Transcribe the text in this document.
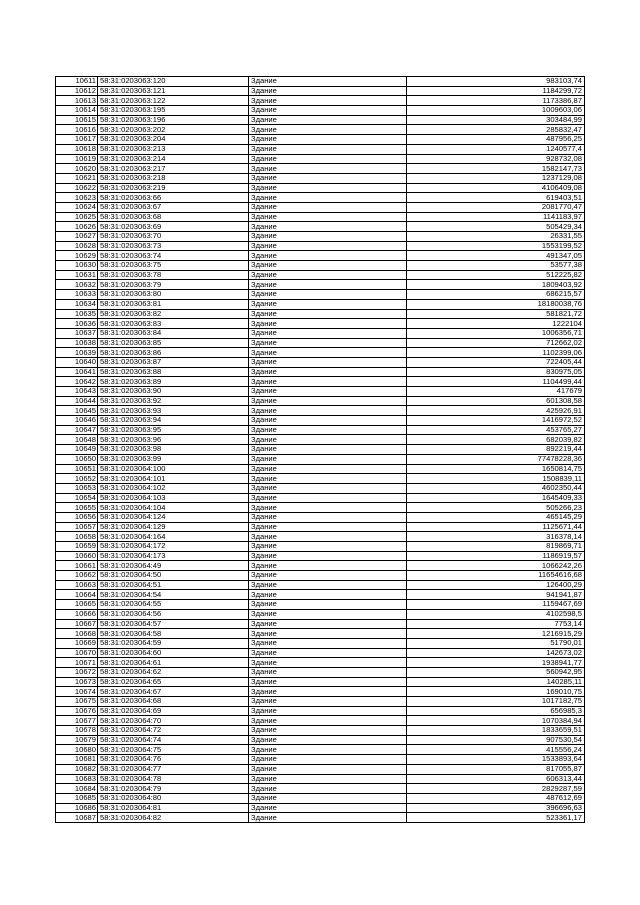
10611	58:31:0203063:120	Здание	983103,74
10612	58:31:0203063:121	Здание	1184299,72
10613	58:31:0203063:122	Здание	1173386,87
10614	58:31:0203063:195	Здание	1009603,06
10615	58:31:0203063:196	Здание	303484,99
10616	58:31:0203063:202	Здание	285832,47
10617	58:31:0203063:204	Здание	487956,25
10618	58:31:0203063:213	Здание	1240577,4
10619	58:31:0203063:214	Здание	928732,08
10620	58:31:0203063:217	Здание	1582147,73
10621	58:31:0203063:218	Здание	1237129,08
10622	58:31:0203063:219	Здание	4106409,08
10623	58:31:0203063:66	Здание	619403,51
10624	58:31:0203063:67	Здание	2081770,47
10625	58:31:0203063:68	Здание	1141183,97
10626	58:31:0203063:69	Здание	505429,34
10627	58:31:0203063:70	Здание	26331,55
10628	58:31:0203063:73	Здание	1553199,52
10629	58:31:0203063:74	Здание	491347,05
10630	58:31:0203063:75	Здание	53577,38
10631	58:31:0203063:78	Здание	512225,82
10632	58:31:0203063:79	Здание	1809403,92
10633	58:31:0203063:80	Здание	686215,57
10634	58:31:0203063:81	Здание	18180038,76
10635	58:31:0203063:82	Здание	581821,72
10636	58:31:0203063:83	Здание	1222104
10637	58:31:0203063:84	Здание	1006356,71
10638	58:31:0203063:85	Здание	712662,02
10639	58:31:0203063:86	Здание	1102399,06
10640	58:31:0203063:87	Здание	722405,44
10641	58:31:0203063:88	Здание	830975,05
10642	58:31:0203063:89	Здание	1104499,44
10643	58:31:0203063:90	Здание	417679
10644	58:31:0203063:92	Здание	601308,58
10645	58:31:0203063:93	Здание	425926,91
10646	58:31:0203063:94	Здание	1416972,52
10647	58:31:0203063:95	Здание	453765,27
10648	58:31:0203063:96	Здание	682039,82
10649	58:31:0203063:98	Здание	892219,44
10650	58:31:0203063:99	Здание	77478228,36
10651	58:31:0203064:100	Здание	1650814,75
10652	58:31:0203064:101	Здание	1508839,11
10653	58:31:0203064:102	Здание	4602350,44
10654	58:31:0203064:103	Здание	1645409,33
10655	58:31:0203064:104	Здание	505266,23
10656	58:31:0203064:124	Здание	465145,29
10657	58:31:0203064:129	Здание	1125671,44
10658	58:31:0203064:164	Здание	316378,14
10659	58:31:0203064:172	Здание	819869,71
10660	58:31:0203064:173	Здание	1186919,57
10661	58:31:0203064:49	Здание	1066242,26
10662	58:31:0203064:50	Здание	11654616,68
10663	58:31:0203064:51	Здание	126400,29
10664	58:31:0203064:54	Здание	941941,87
10665	58:31:0203064:55	Здание	1159467,69
10666	58:31:0203064:56	Здание	4102598,5
10667	58:31:0203064:57	Здание	7753,14
10668	58:31:0203064:58	Здание	1216915,29
10669	58:31:0203064:59	Здание	51790,01
10670	58:31:0203064:60	Здание	142673,02
10671	58:31:0203064:61	Здание	1938941,77
10672	58:31:0203064:62	Здание	560942,95
10673	58:31:0203064:65	Здание	140285,11
10674	58:31:0203064:67	Здание	169010,75
10675	58:31:0203064:68	Здание	1017182,75
10676	58:31:0203064:69	Здание	656985,3
10677	58:31:0203064:70	Здание	1070384,94
10678	58:31:0203064:72	Здание	1833659,51
10679	58:31:0203064:74	Здание	907530,54
10680	58:31:0203064:75	Здание	415556,24
10681	58:31:0203064:76	Здание	1533893,64
10682	58:31:0203064:77	Здание	817055,87
10683	58:31:0203064:78	Здание	606313,44
10684	58:31:0203064:79	Здание	2829287,59
10685	58:31:0203064:80	Здание	487612,69
10686	58:31:0203064:81	Здание	396696,63
10687	58:31:0203064:82	Здание	523361,17
